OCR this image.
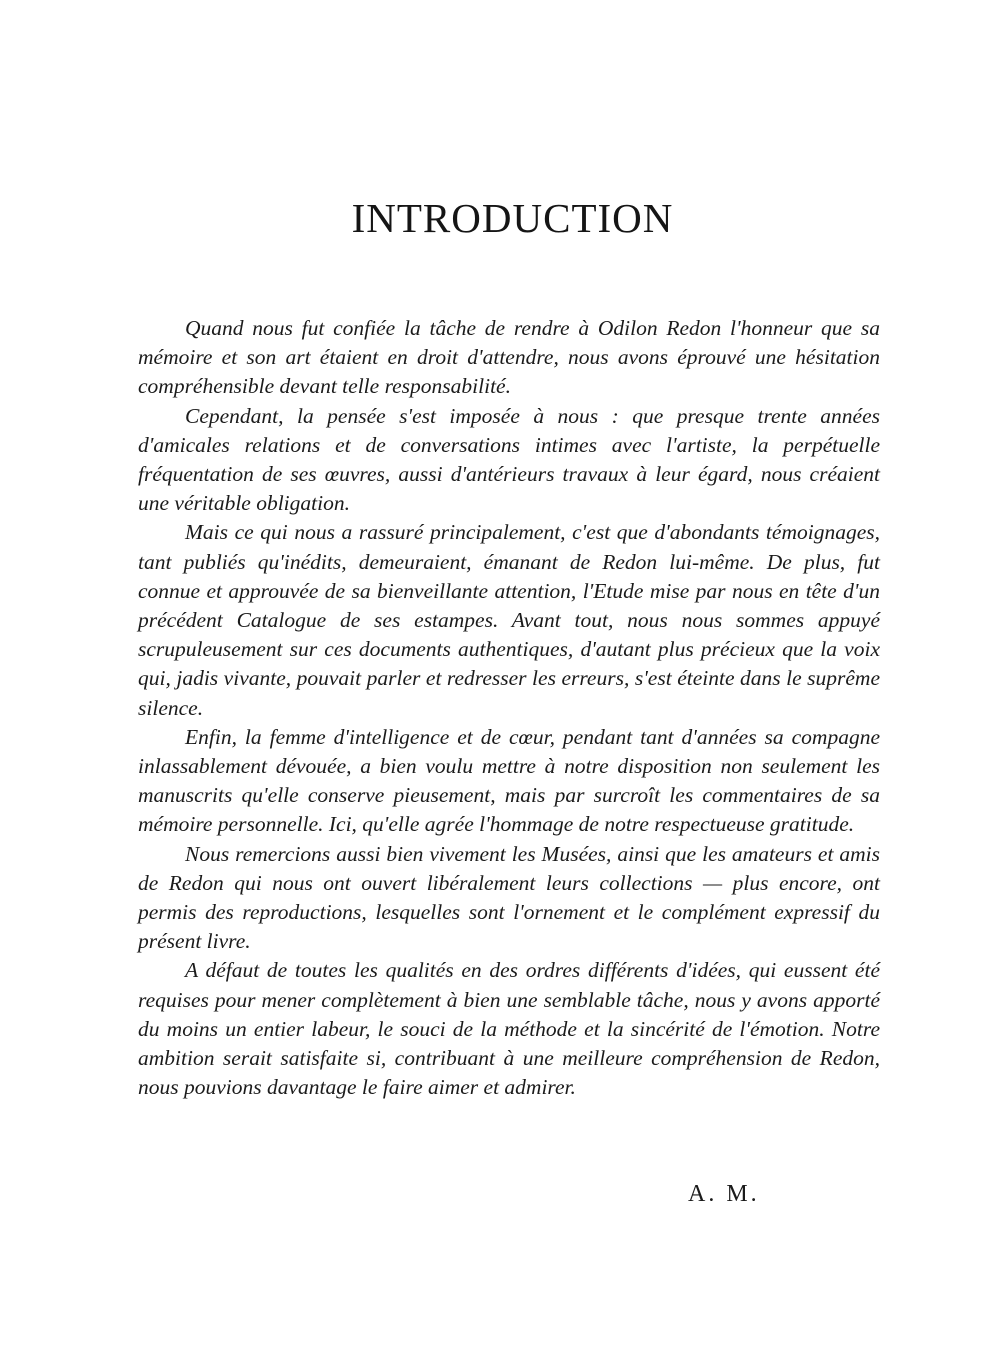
INTRODUCTION

Quand nous fut confiée la tâche de rendre à Odilon Redon l'honneur que sa mémoire et son art étaient en droit d'attendre, nous avons éprouvé une hésitation compréhensible devant telle responsabilité.

Cependant, la pensée s'est imposée à nous : que presque trente années d'amicales relations et de conversations intimes avec l'artiste, la perpétuelle fréquentation de ses œuvres, aussi d'antérieurs travaux à leur égard, nous créaient une véritable obligation.

Mais ce qui nous a rassuré principalement, c'est que d'abondants témoignages, tant publiés qu'inédits, demeuraient, émanant de Redon lui-même. De plus, fut connue et approuvée de sa bienveillante attention, l'Etude mise par nous en tête d'un précédent Catalogue de ses estampes. Avant tout, nous nous sommes appuyé scrupuleusement sur ces documents authentiques, d'autant plus précieux que la voix qui, jadis vivante, pouvait parler et redresser les erreurs, s'est éteinte dans le suprême silence.

Enfin, la femme d'intelligence et de cœur, pendant tant d'années sa compagne inlassablement dévouée, a bien voulu mettre à notre disposition non seulement les manuscrits qu'elle conserve pieusement, mais par surcroît les commentaires de sa mémoire personnelle. Ici, qu'elle agrée l'hommage de notre respectueuse gratitude.

Nous remercions aussi bien vivement les Musées, ainsi que les amateurs et amis de Redon qui nous ont ouvert libéralement leurs collections — plus encore, ont permis des reproductions, lesquelles sont l'ornement et le complément expressif du présent livre.

A défaut de toutes les qualités en des ordres différents d'idées, qui eussent été requises pour mener complètement à bien une semblable tâche, nous y avons apporté du moins un entier labeur, le souci de la méthode et la sincérité de l'émotion. Notre ambition serait satisfaite si, contribuant à une meilleure compréhension de Redon, nous pouvions davantage le faire aimer et admirer.

A. M.
